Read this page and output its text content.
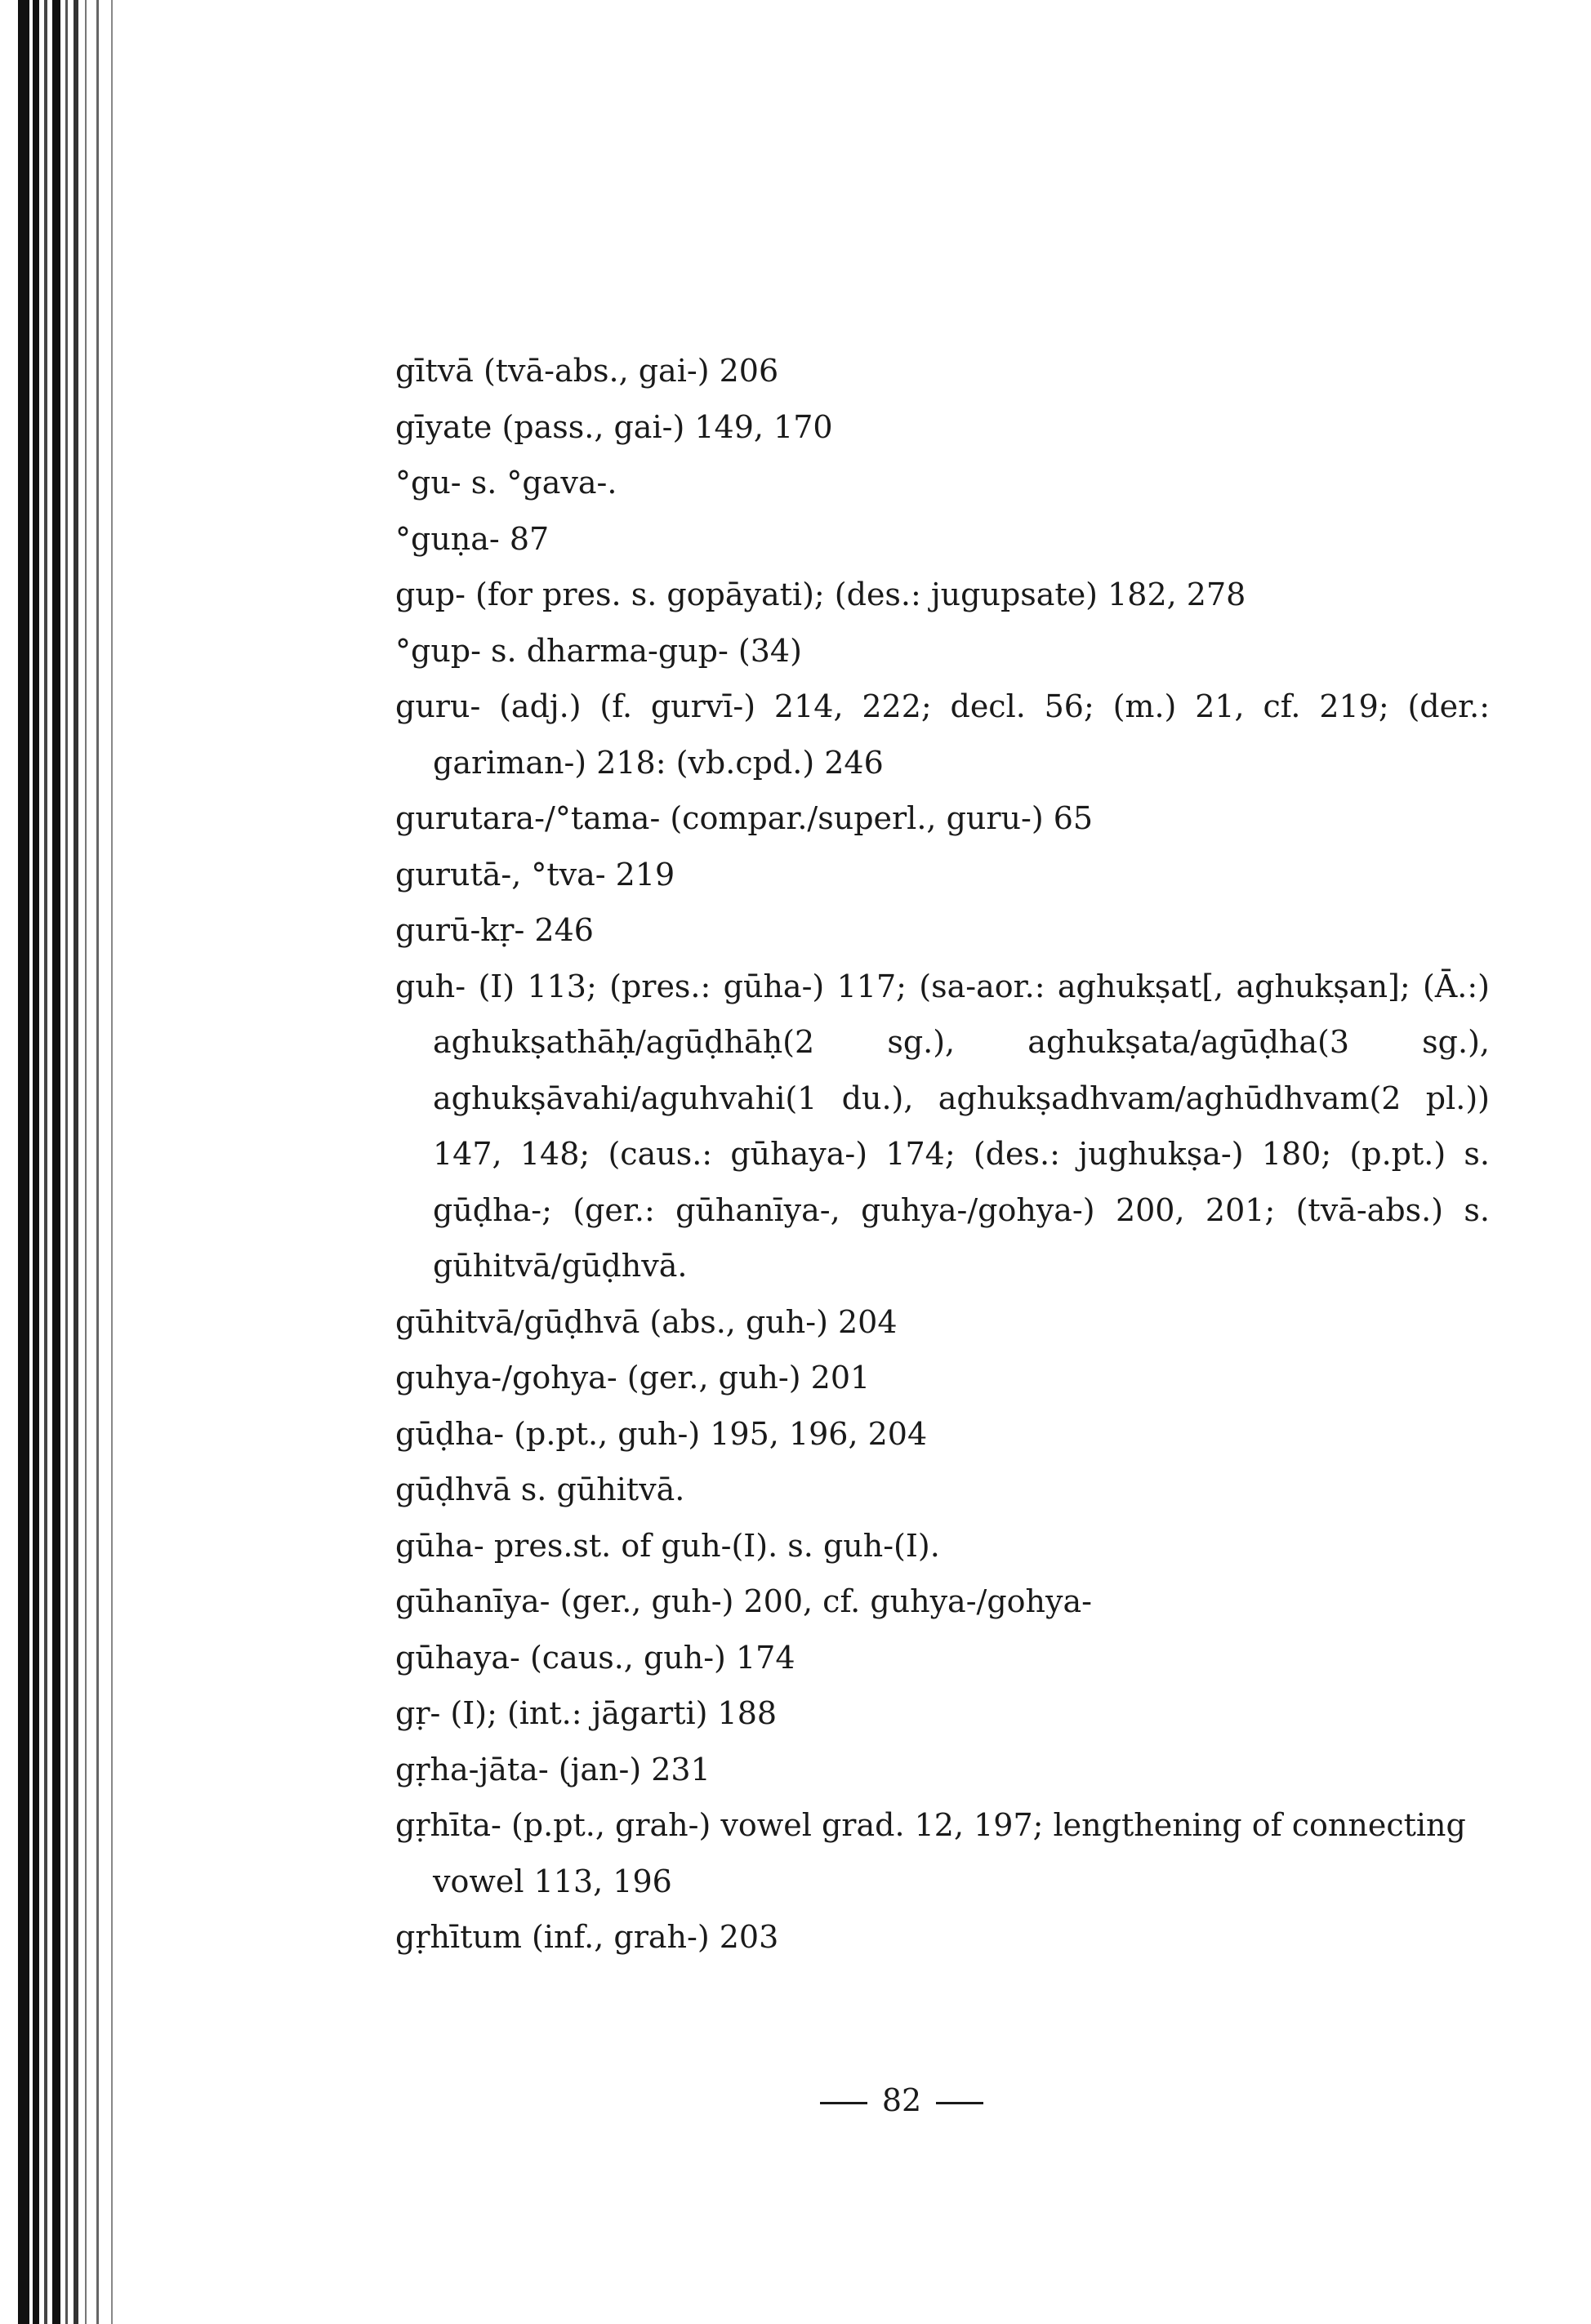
gītvā (tvā-abs., gai-) 206
gīyate (pass., gai-) 149, 170
°gu- s. °gava-.
°guṇa- 87
gup- (for pres. s. gopāyati); (des.: jugupsate) 182, 278
°gup- s. dharma-gup- (34)
guru- (adj.) (f. gurvī-) 214, 222; decl. 56; (m.) 21, cf. 219; (der.: gariman-) 218: (vb.cpd.) 246
gurutara-/°tama- (compar./superl., guru-) 65
gurutā-, °tva- 219
gurū-kṛ- 246
guh- (I) 113; (pres.: gūha-) 117; (sa-aor.: aghukṣat[, aghukṣan]; (Ā.:) aghukṣathāḥ/agūḍhāḥ(2 sg.), aghukṣata/agūḍha(3 sg.), aghukṣāvahi/aguhvahi(1 du.), aghukṣadhvam/aghūdhvam(2 pl.)) 147, 148; (caus.: gūhaya-) 174; (des.: jughukṣa-) 180; (p.pt.) s. gūḍha-; (ger.: gūhanīya-, guhya-/gohya-) 200, 201; (tvā-abs.) s. gūhitvā/gūḍhvā.
gūhitvā/gūḍhvā (abs., guh-) 204
guhya-/gohya- (ger., guh-) 201
gūḍha- (p.pt., guh-) 195, 196, 204
gūḍhvā s. gūhitvā.
gūha- pres.st. of guh-(I). s. guh-(I).
gūhanīya- (ger., guh-) 200, cf. guhya-/gohya-
gūhaya- (caus., guh-) 174
gṛ- (I); (int.: jāgarti) 188
gṛha-jāta- (jan-) 231
gṛhīta- (p.pt., grah-) vowel grad. 12, 197; lengthening of connecting vowel 113, 196
gṛhītum (inf., grah-) 203
82
